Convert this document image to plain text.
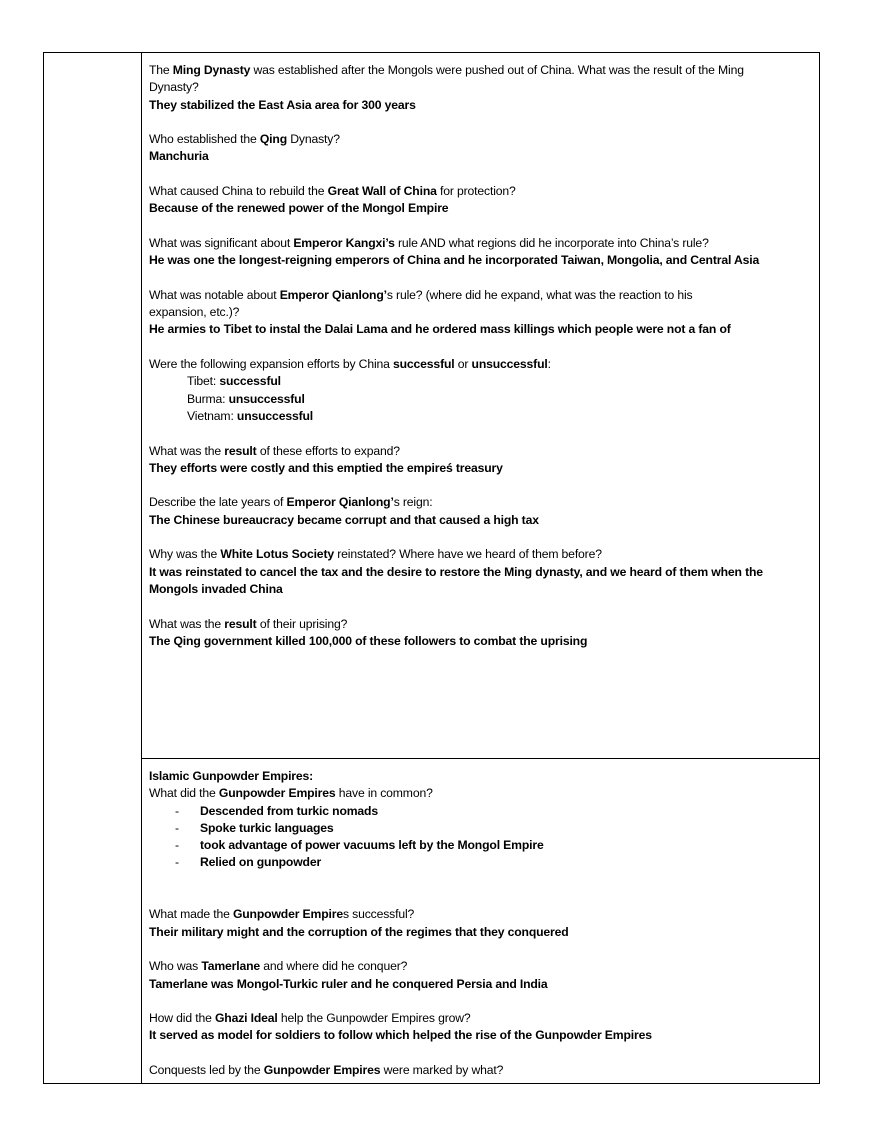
The Ming Dynasty was established after the Mongols were pushed out of China. What was the result of the Ming
Dynasty?
They stabilized the East Asia area for 300 years
Who established the Qing Dynasty?
Manchuria
What caused China to rebuild the Great Wall of China for protection?
Because of the renewed power of the Mongol Empire
What was significant about Emperor Kangxi’s rule AND what regions did he incorporate into China’s rule?
He was one the longest-reigning emperors of China and he incorporated Taiwan, Mongolia, and Central Asia
What was notable about Emperor Qianlong’s rule? (where did he expand, what was the reaction to his
expansion, etc.)?
He armies to Tibet to instal the Dalai Lama and he ordered mass killings which people were not a fan of
Were the following expansion efforts by China successful or unsuccessful:
Tibet: successful
Burma: unsuccessful
Vietnam: unsuccessful
What was the result of these efforts to expand?
They efforts were costly and this emptied the empireś treasury
Describe the late years of Emperor Qianlong’s reign:
The Chinese bureaucracy became corrupt and that caused a high tax
Why was the White Lotus Society reinstated? Where have we heard of them before?
It was reinstated to cancel the tax and the desire to restore the Ming dynasty, and we heard of them when the
Mongols invaded China
What was the result of their uprising?
The Qing government killed 100,000 of these followers to combat the uprising
Islamic Gunpowder Empires:
What did the Gunpowder Empires have in common?
-	Descended from turkic nomads
-	Spoke turkic languages
-	took advantage of power vacuums left by the Mongol Empire
-	Relied on gunpowder
What made the Gunpowder Empires successful?
Their military might and the corruption of the regimes that they conquered
Who was Tamerlane and where did he conquer?
Tamerlane was Mongol-Turkic ruler and he conquered Persia and India
How did the Ghazi Ideal help the Gunpowder Empires grow?
It served as model for soldiers to follow which helped the rise of the Gunpowder Empires
Conquests led by the Gunpowder Empires were marked by what?
